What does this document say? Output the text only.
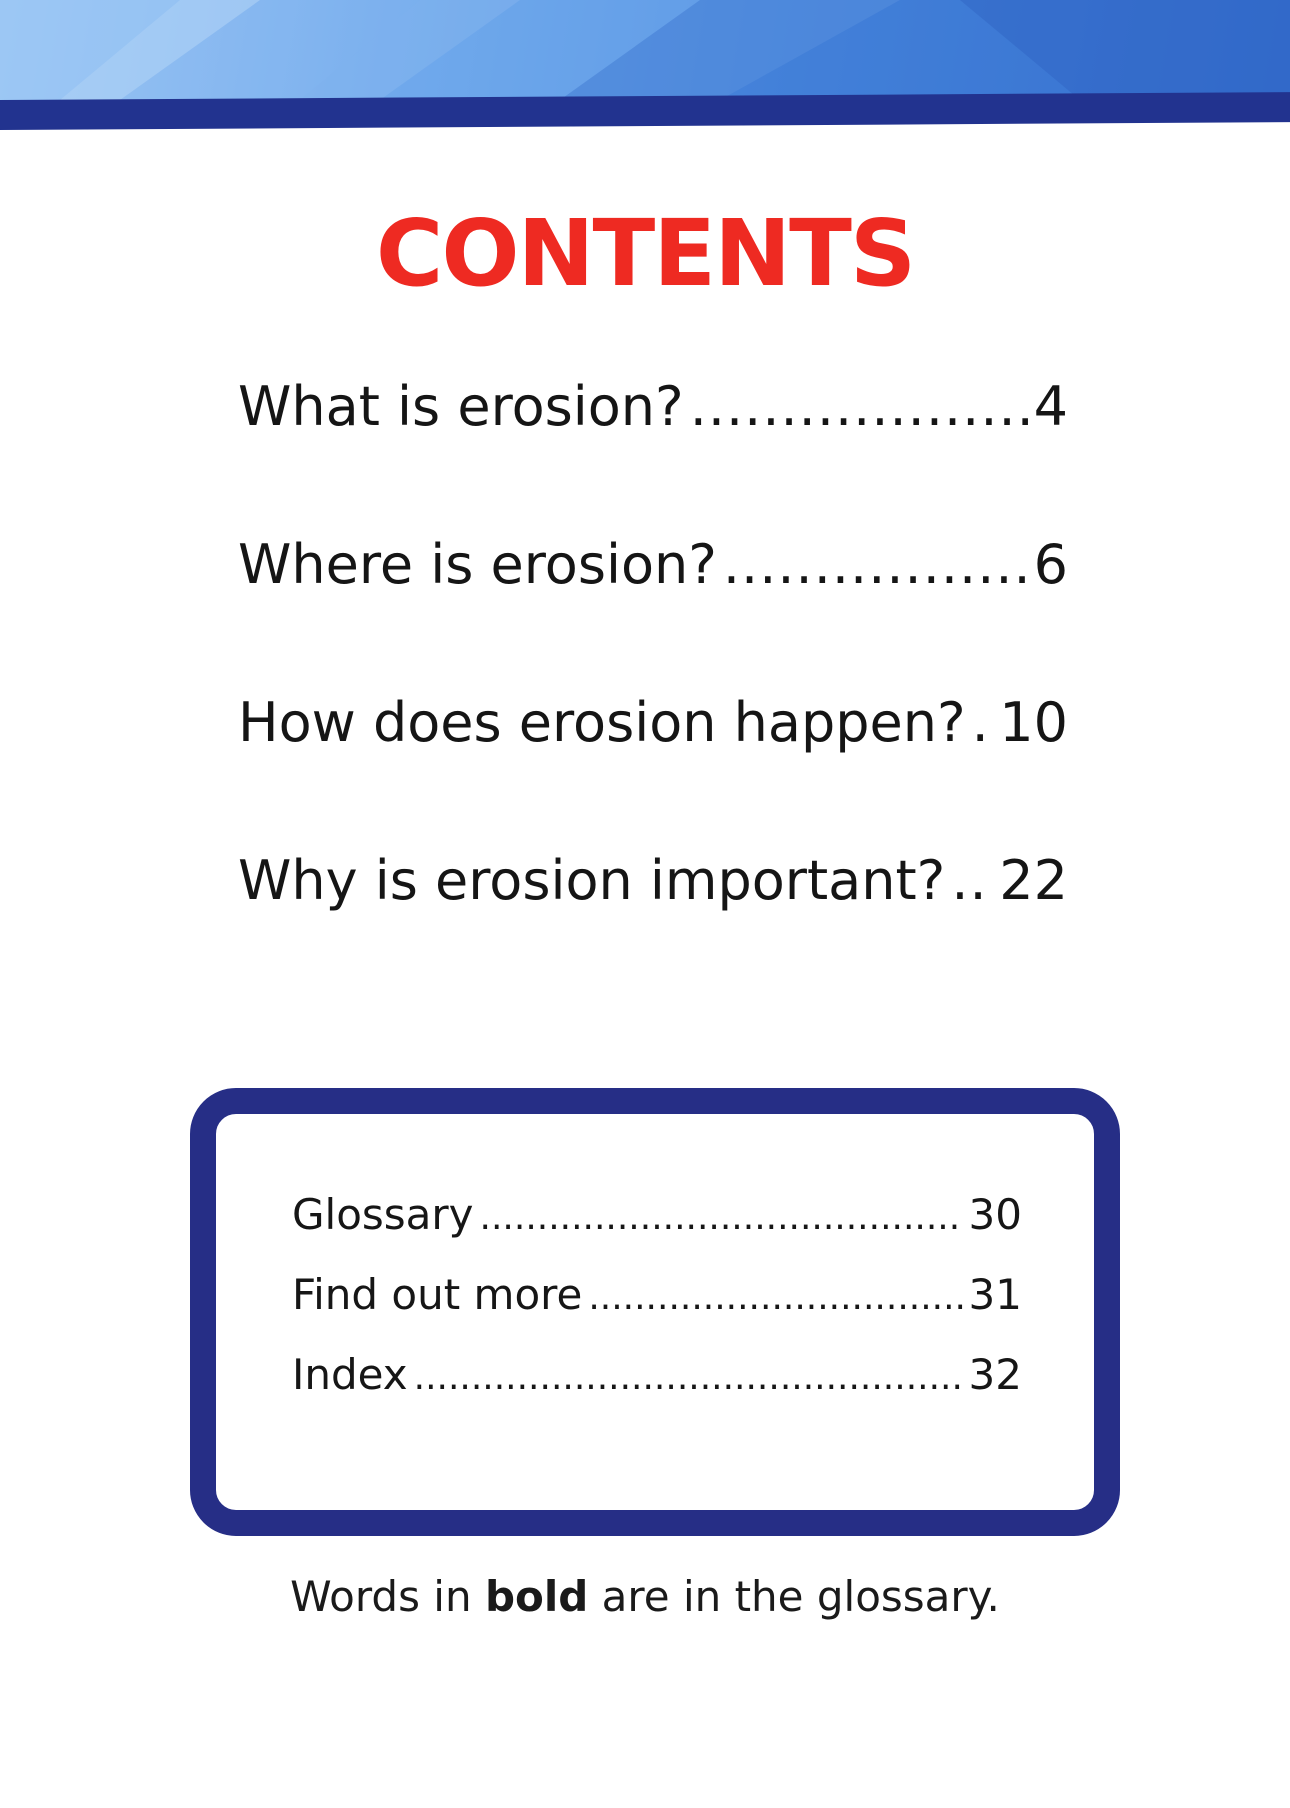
CONTENTS
What is erosion? .....	4
Where is erosion? .....	6
How does erosion happen? ..... 10
Why is erosion important? ..... 22
Glossary .....	30
Find out more .....	31
Index .....	32

Words in bold are in the glossary.
